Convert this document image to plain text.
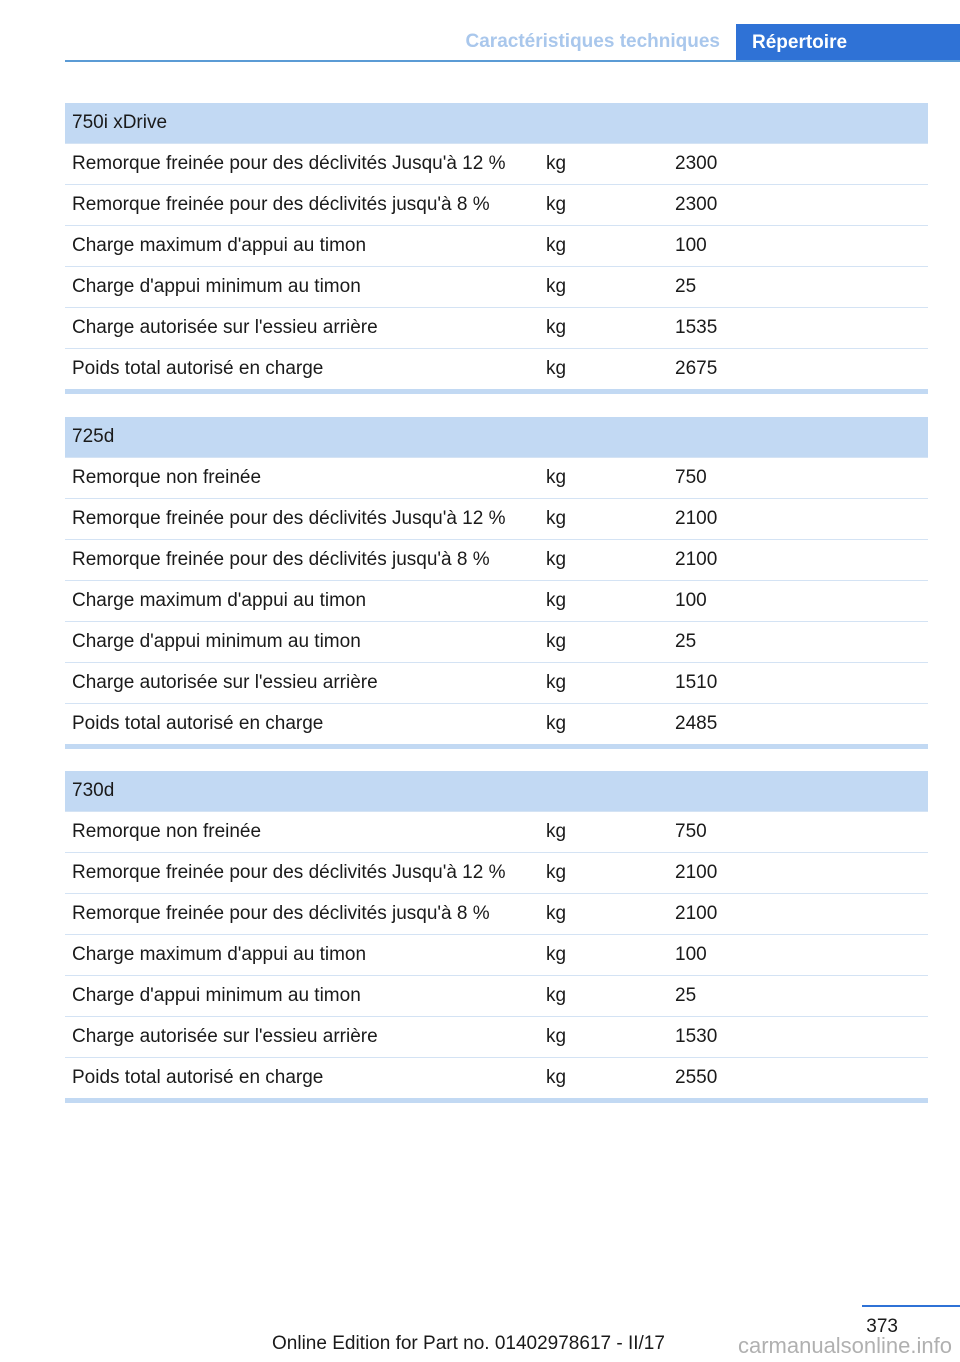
Caractéristiques techniques	Répertoire
750i xDrive		
Remorque freinée pour des déclivités Jusqu'à 12 %	kg	2300
Remorque freinée pour des déclivités jusqu'à 8 %	kg	2300
Charge maximum d'appui au timon	kg	100
Charge d'appui minimum au timon	kg	25
Charge autorisée sur l'essieu arrière	kg	1535
Poids total autorisé en charge	kg	2675

725d		
Remorque non freinée	kg	750
Remorque freinée pour des déclivités Jusqu'à 12 %	kg	2100
Remorque freinée pour des déclivités jusqu'à 8 %	kg	2100
Charge maximum d'appui au timon	kg	100
Charge d'appui minimum au timon	kg	25
Charge autorisée sur l'essieu arrière	kg	1510
Poids total autorisé en charge	kg	2485

730d		
Remorque non freinée	kg	750
Remorque freinée pour des déclivités Jusqu'à 12 %	kg	2100
Remorque freinée pour des déclivités jusqu'à 8 %	kg	2100
Charge maximum d'appui au timon	kg	100
Charge d'appui minimum au timon	kg	25
Charge autorisée sur l'essieu arrière	kg	1530
Poids total autorisé en charge	kg	2550

373
Online Edition for Part no. 01402978617 - II/17	carmanualsonline.info
